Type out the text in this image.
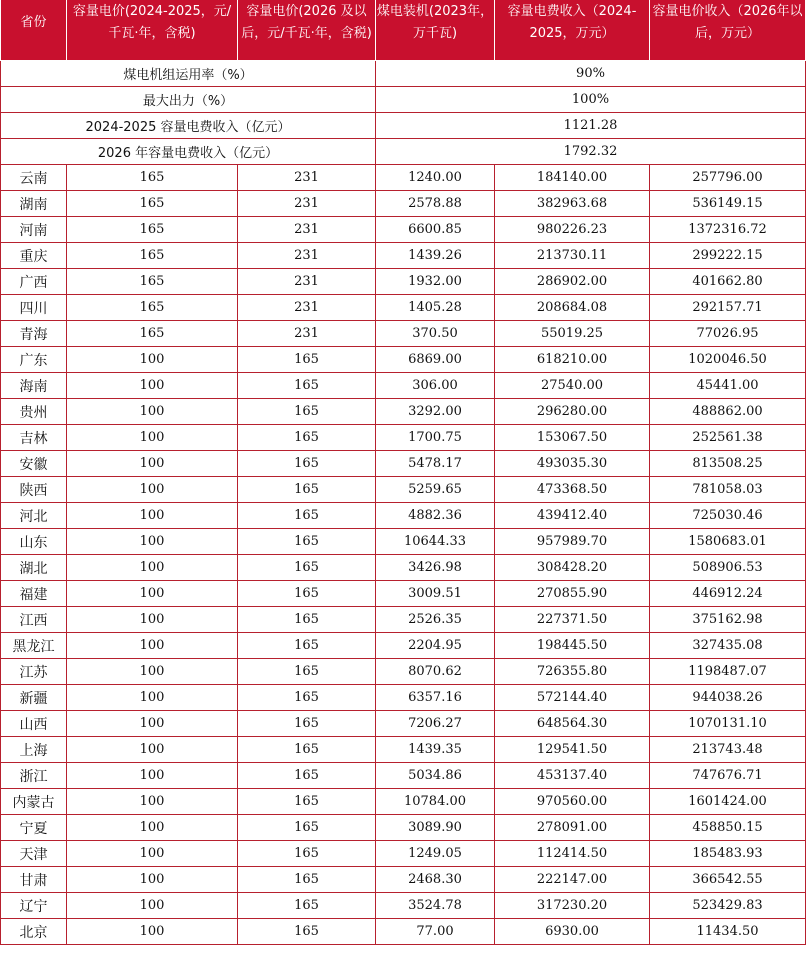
煤电机组运用率（%）			90%		
最大出力（%）			100%		
2024-2025 容量电费收入（亿元）			1121.28		
2026 年容量电费收入（亿元）			1792.32		
省份	容量电价(2024-2025，元/千瓦·年，含税)	容量电价(2026 及以后，元/千瓦·年，含税)	煤电装机(2023年，万千瓦)	容量电费收入（2024-2025，万元）	容量电价收入（2026年以后，万元）
云南	165	231	1240.00	184140.00	257796.00
湖南	165	231	2578.88	382963.68	536149.15
河南	165	231	6600.85	980226.23	1372316.72
重庆	165	231	1439.26	213730.11	299222.15
广西	165	231	1932.00	286902.00	401662.80
四川	165	231	1405.28	208684.08	292157.71
青海	165	231	370.50	55019.25	77026.95
广东	100	165	6869.00	618210.00	1020046.50
海南	100	165	306.00	27540.00	45441.00
贵州	100	165	3292.00	296280.00	488862.00
吉林	100	165	1700.75	153067.50	252561.38
安徽	100	165	5478.17	493035.30	813508.25
陕西	100	165	5259.65	473368.50	781058.03
河北	100	165	4882.36	439412.40	725030.46
山东	100	165	10644.33	957989.70	1580683.01
湖北	100	165	3426.98	308428.20	508906.53
福建	100	165	3009.51	270855.90	446912.24
江西	100	165	2526.35	227371.50	375162.98
黑龙江	100	165	2204.95	198445.50	327435.08
江苏	100	165	8070.62	726355.80	1198487.07
新疆	100	165	6357.16	572144.40	944038.26
山西	100	165	7206.27	648564.30	1070131.10
上海	100	165	1439.35	129541.50	213743.48
浙江	100	165	5034.86	453137.40	747676.71
内蒙古	100	165	10784.00	970560.00	1601424.00
宁夏	100	165	3089.90	278091.00	458850.15
天津	100	165	1249.05	112414.50	185483.93
甘肃	100	165	2468.30	222147.00	366542.55
辽宁	100	165	3524.78	317230.20	523429.83
北京	100	165	77.00	6930.00	11434.50
